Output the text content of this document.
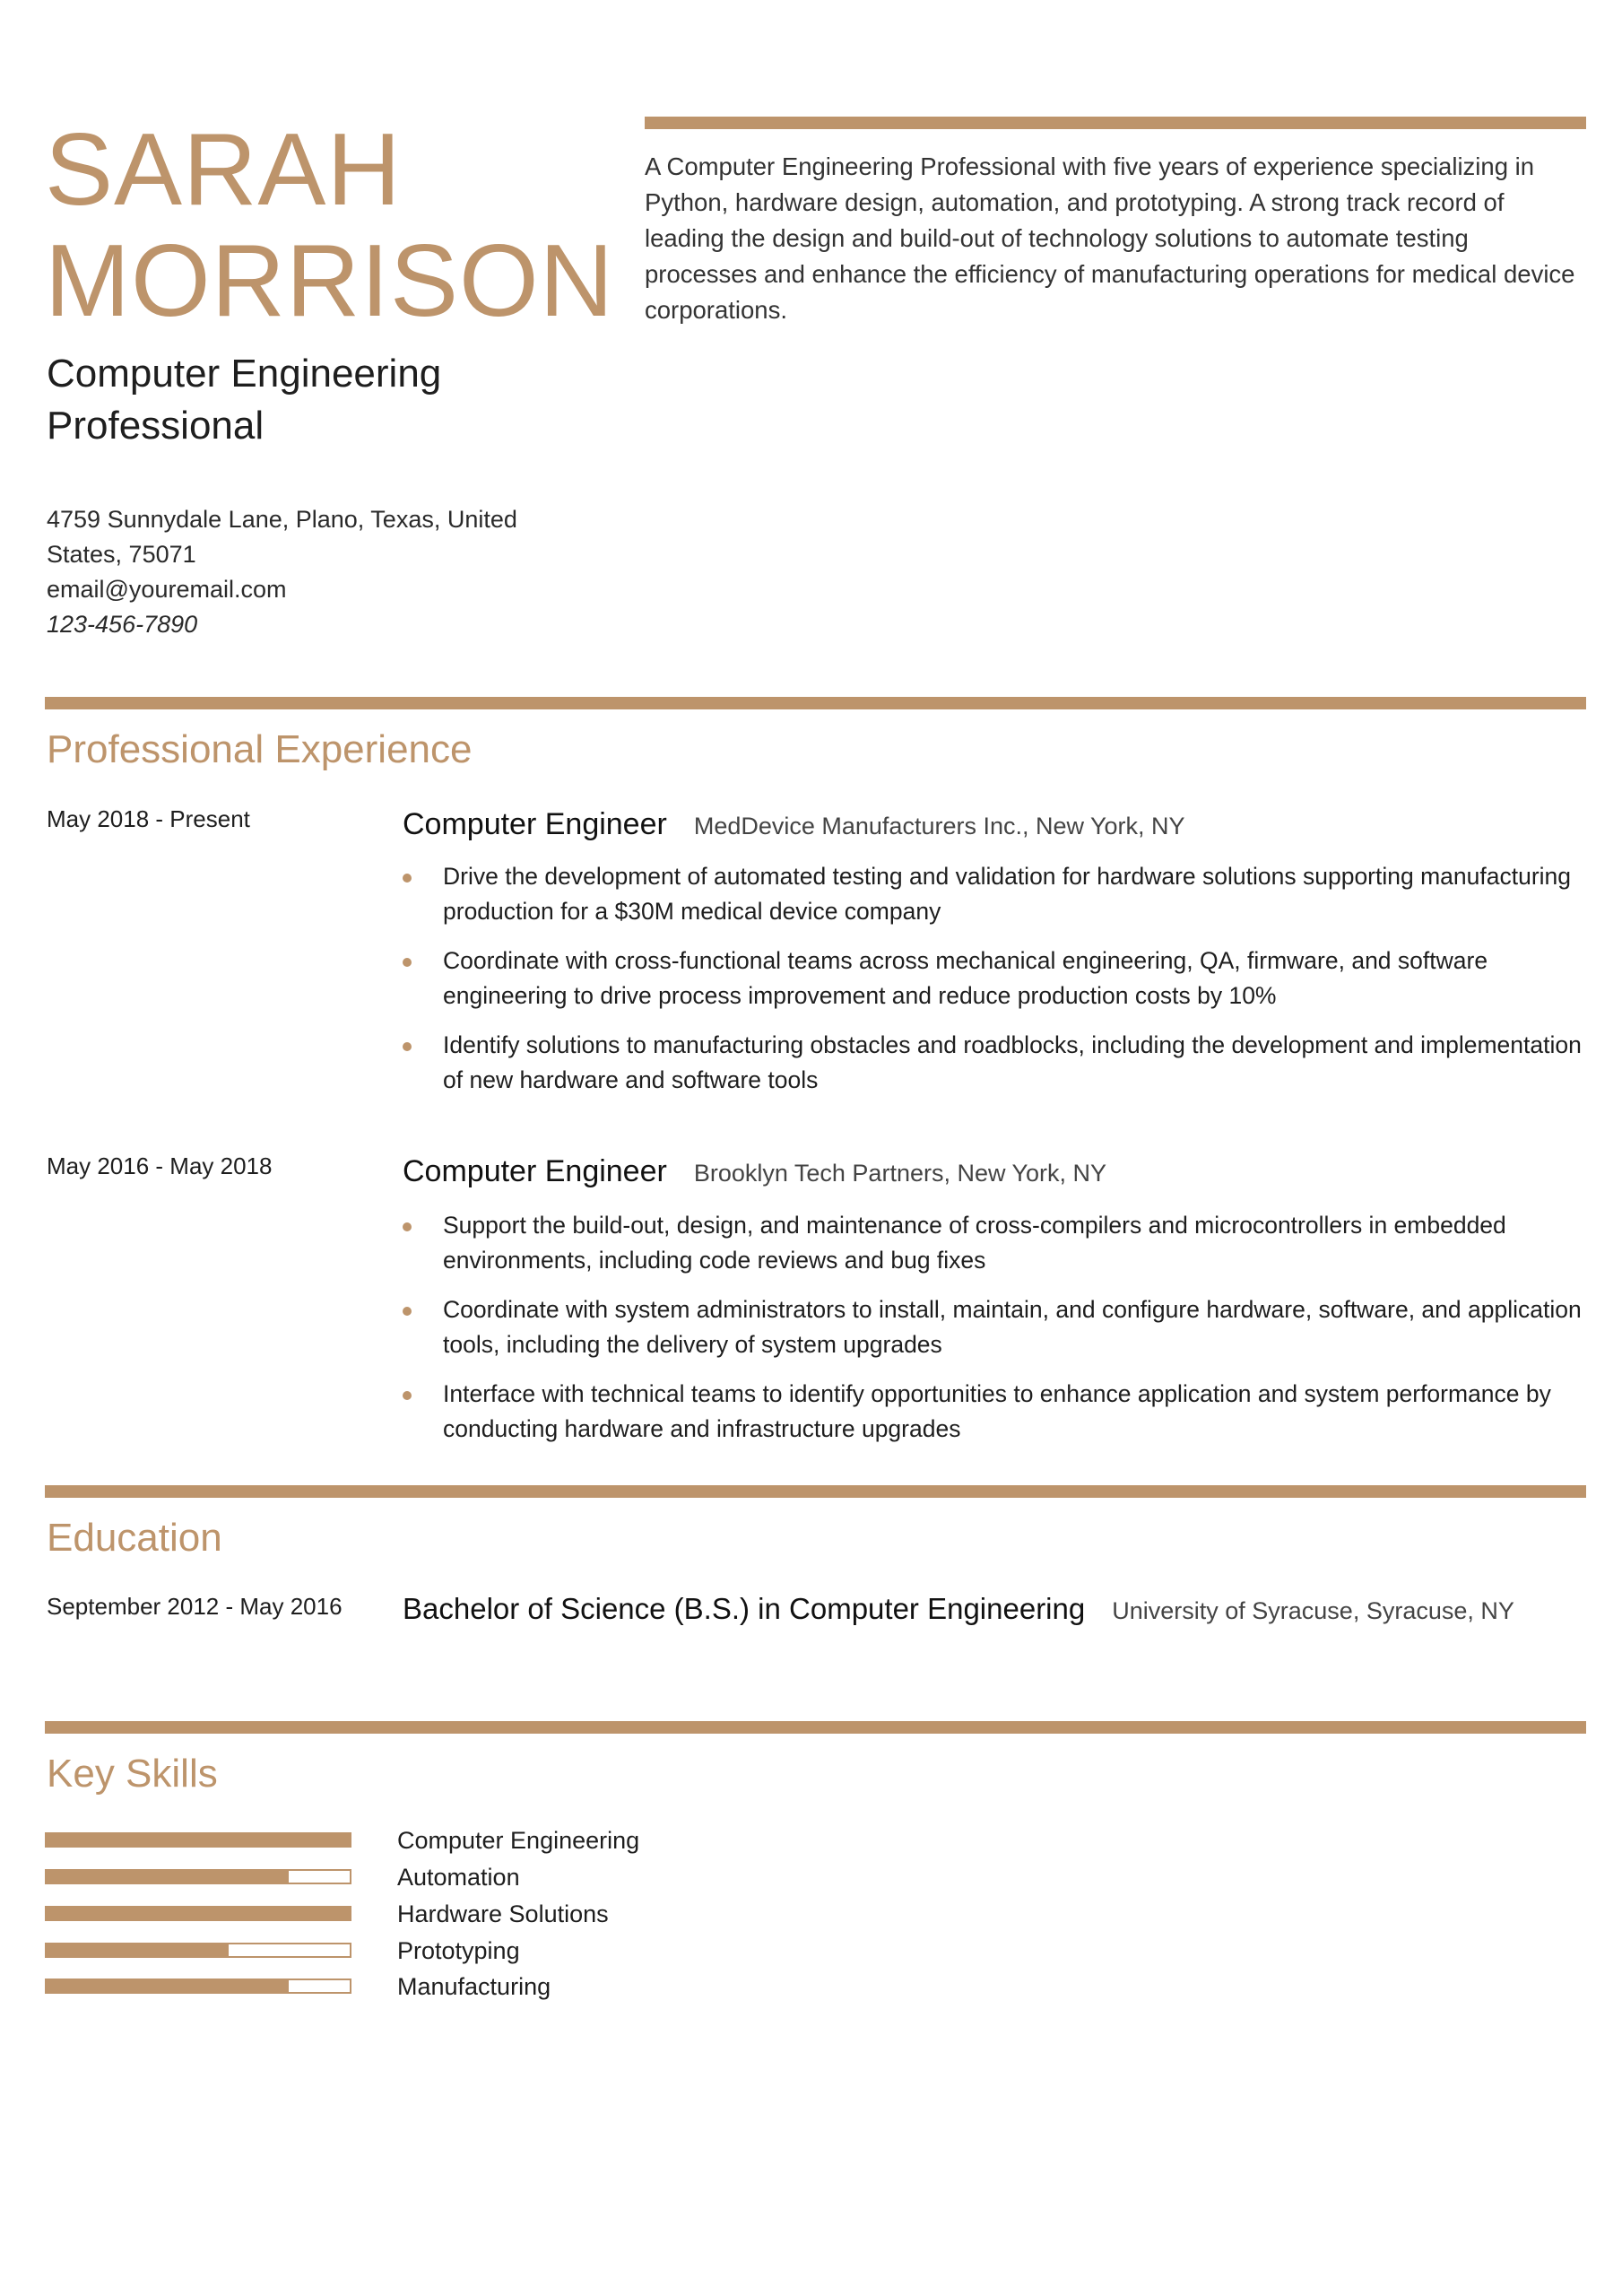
SARAH
MORRISON
Computer Engineering
Professional
4759 Sunnydale Lane, Plano, Texas, United
States, 75071
email@youremail.com
123-456-7890
A Computer Engineering Professional with five years of experience specializing in Python, hardware design, automation, and prototyping. A strong track record of leading the design and build-out of technology solutions to automate testing processes and enhance the efficiency of manufacturing operations for medical device corporations.
Professional Experience
May 2018 - Present	Computer Engineer MedDevice Manufacturers Inc., New York, NY
Drive the development of automated testing and validation for hardware solutions supporting manufacturing production for a $30M medical device company
Coordinate with cross-functional teams across mechanical engineering, QA, firmware, and software engineering to drive process improvement and reduce production costs by 10%
Identify solutions to manufacturing obstacles and roadblocks, including the development and implementation of new hardware and software tools
May 2016 - May 2018	Computer Engineer Brooklyn Tech Partners, New York, NY
Support the build-out, design, and maintenance of cross-compilers and microcontrollers in embedded environments, including code reviews and bug fixes
Coordinate with system administrators to install, maintain, and configure hardware, software, and application tools, including the delivery of system upgrades
Interface with technical teams to identify opportunities to enhance application and system performance by conducting hardware and infrastructure upgrades
Education
September 2012 - May 2016 Bachelor of Science (B.S.) in Computer Engineering University of Syracuse, Syracuse, NY
Key Skills
Computer Engineering
Automation
Hardware Solutions
Prototyping
Manufacturing
